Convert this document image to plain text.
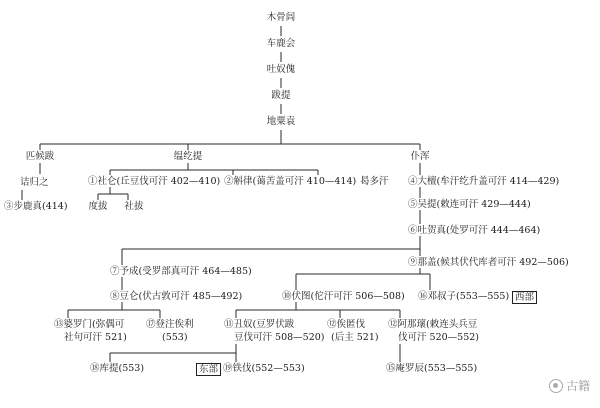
木骨闾
车鹿会
吐奴傀
跋提
地粟袁
匹候跋	缊纥提	仆浑
诘归之
③步鹿真(414)
①社仑(丘豆伐可汗 402—410) ②斛律(蔼苦盖可汗 410—414) 曷多汗 ④大檀(牟汗纥升盖可汗 414—429)
度拔 社拔	⑤吴提(敕连可汗 429—444)
⑥吐贺真(处罗可汗 444—464)
⑦予成(受罗部真可汗 464—485)
⑨那盖(候其伏代库者可汗 492—506)
⑧豆仑(伏古敦可汗 485—492)	⑩伏图(佗汗可汗 506—508) ⑯邓叔子(553—555) 西部
⑬婆罗门(弥偶可
社句可汗 521)
⑰登注俟利
(553)
⑪丑奴(豆罗伏跋
豆伐可汗 508—520)
⑫俟匿伐
(后主 521)
⑫阿那瓌(敕连头兵豆
伐可汗 520—552)
⑱库提(553)	东部 ⑲铁伐(552—553)	⑮庵罗辰(553—555)
古籍
